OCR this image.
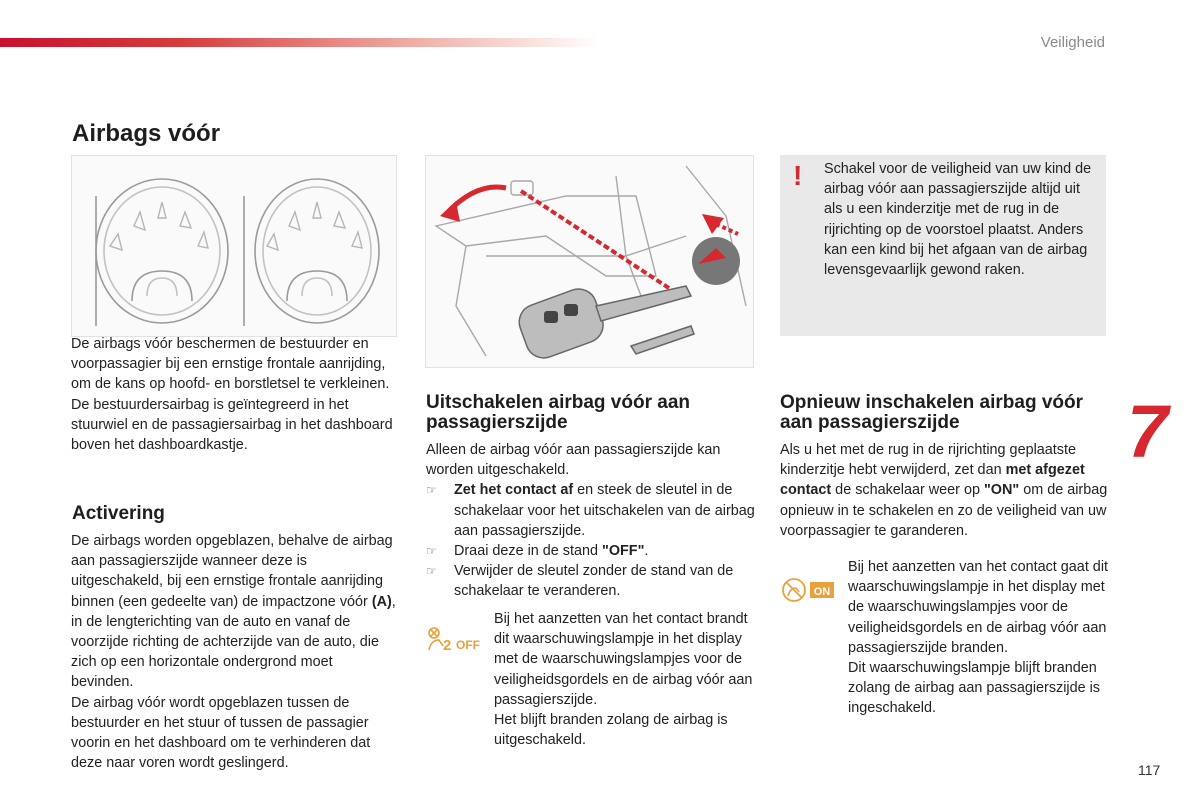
Veiligheid
7
117
Airbags vóór

De airbags vóór beschermen de bestuurder en voorpassagier bij een ernstige frontale aanrijding, om de kans op hoofd- en borstletsel te verkleinen.

De bestuurdersairbag is geïntegreerd in het stuurwiel en de passagiersairbag in het dashboard boven het dashboardkastje.

Activering

De airbags worden opgeblazen, behalve de airbag aan passagierszijde wanneer deze is uitgeschakeld, bij een ernstige frontale aanrijding binnen (een gedeelte van) de impactzone vóór (A), in de lengterichting van de auto en vanaf de voorzijde richting de achterzijde van de auto, die zich op een horizontale ondergrond moet bevinden.

De airbag vóór wordt opgeblazen tussen de bestuurder en het stuur of tussen de passagier voorin en het dashboard om te verhinderen dat deze naar voren wordt geslingerd.

Uitschakelen airbag vóór aan passagierszijde

Alleen de airbag vóór aan passagierszijde kan worden uitgeschakeld.

☞ Zet het contact af en steek de sleutel in de schakelaar voor het uitschakelen van de airbag aan passagierszijde.
☞ Draai deze in de stand "OFF".
☞ Verwijder de sleutel zonder de stand van de schakelaar te veranderen.
2 OFF

Bij het aanzetten van het contact brandt dit waarschuwingslampje in het display met de waarschuwingslampjes voor de veiligheidsgordels en de airbag vóór aan passagierszijde.

Het blijft branden zolang de airbag is uitgeschakeld.

! Schakel voor de veiligheid van uw kind de airbag vóór aan passagierszijde altijd uit als u een kinderzitje met de rug in de rijrichting op de voorstoel plaatst. Anders kan een kind bij het afgaan van de airbag levensgevaarlijk gewond raken.
Opnieuw inschakelen airbag vóór aan passagierszijde

Als u het met de rug in de rijrichting geplaatste kinderzitje hebt verwijderd, zet dan met afgezet contact de schakelaar weer op "ON" om de airbag opnieuw in te schakelen en zo de veiligheid van uw voorpassagier te garanderen.

ON

Bij het aanzetten van het contact gaat dit waarschuwingslampje in het display met de waarschuwingslampjes voor de veiligheidsgordels en de airbag vóór aan passagierszijde branden.

Dit waarschuwingslampje blijft branden zolang de airbag aan passagierszijde is ingeschakeld.
